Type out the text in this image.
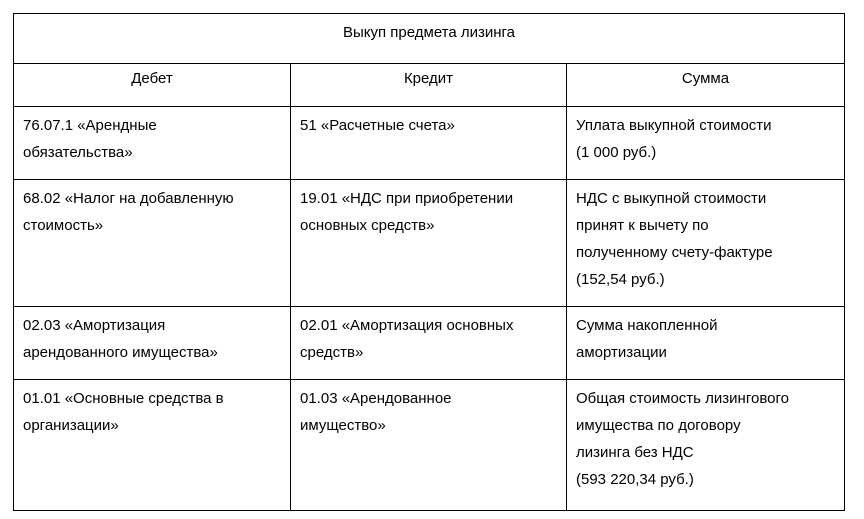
Выкуп предмета лизинга		

Дебет	Кредит	Сумма

76.07.1 «Арендные
обязательства»	51 «Расчетные счета»	Уплата выкупной стоимости
(1 000 руб.)

68.02 «Налог на добавленную
стоимость»	19.01 «НДС при приобретении
основных средств»	НДС с выкупной стоимости
принят к вычету по
полученному счету-фактуре
(152,54 руб.)

02.03 «Амортизация
арендованного имущества»	02.01 «Амортизация основных
средств»	Сумма накопленной
амортизации

01.01 «Основные средства в
организации»	01.03 «Арендованное
имущество»	Общая стоимость лизингового
имущества по договору
лизинга без НДС
(593 220,34 руб.)
